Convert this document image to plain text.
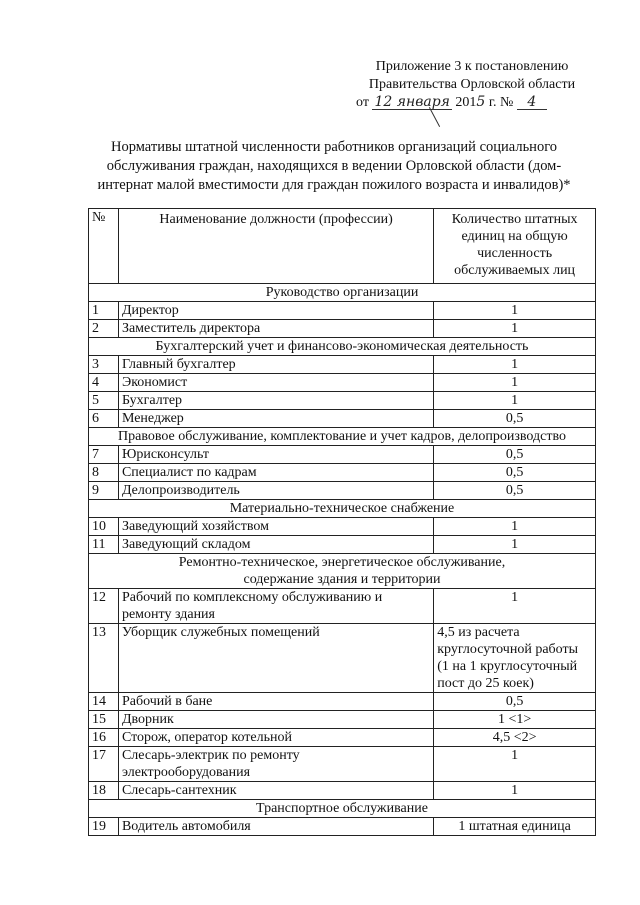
Приложение 3 к постановлению
Правительства Орловской области
от 12 января 2015 г. № 4
Нормативы штатной численности работников организаций социального
обслуживания граждан, находящихся в ведении Орловской области (дом-
интернат малой вместимости для граждан пожилого возраста и инвалидов)*
№	Наименование должности (профессии)	Количество штатных единиц на общую численность обслуживаемых лиц
Руководство организации		
1	Директор	1
2	Заместитель директора	1
Бухгалтерский учет и финансово-экономическая деятельность		
3	Главный бухгалтер	1
4	Экономист	1
5	Бухгалтер	1
6	Менеджер	0,5
Правовое обслуживание, комплектование и учет кадров, делопроизводство		
7	Юрисконсульт	0,5
8	Специалист по кадрам	0,5
9	Делопроизводитель	0,5
Материально-техническое снабжение		
10	Заведующий хозяйством	1
11	Заведующий складом	1
Ремонтно-техническое, энергетическое обслуживание, содержание здания и территории		
12	Рабочий по комплексному обслуживанию и ремонту здания	1
13	Уборщик служебных помещений	4,5 из расчета круглосуточной работы (1 на 1 круглосуточный пост до 25 коек)
14	Рабочий в бане	0,5
15	Дворник	1 <1>
16	Сторож, оператор котельной	4,5 <2>
17	Слесарь-электрик по ремонту электрооборудования	1
18	Слесарь-сантехник	1
Транспортное обслуживание		
19	Водитель автомобиля	1 штатная единица
